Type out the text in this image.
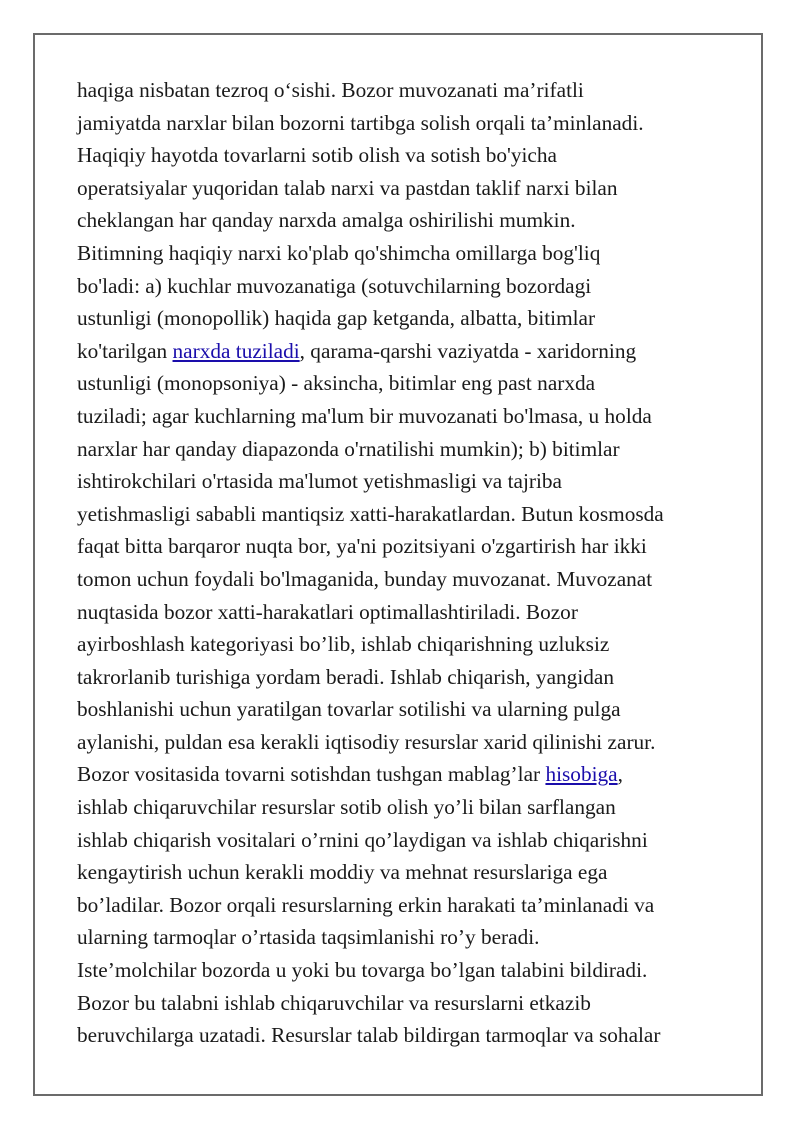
haqiga nisbatan tezroq o‘sishi. Bozor muvozanati ma’rifatli
jamiyatda narxlar bilan bozorni tartibga solish orqali ta’minlanadi.
Haqiqiy hayotda tovarlarni sotib olish va sotish bo'yicha
operatsiyalar yuqoridan talab narxi va pastdan taklif narxi bilan
cheklangan har qanday narxda amalga oshirilishi mumkin.
Bitimning haqiqiy narxi ko'plab qo'shimcha omillarga bog'liq
bo'ladi: a) kuchlar muvozanatiga (sotuvchilarning bozordagi
ustunligi (monopollik) haqida gap ketganda, albatta, bitimlar
ko'tarilgan narxda tuziladi, qarama-qarshi vaziyatda - xaridorning
ustunligi (monopsoniya) - aksincha, bitimlar eng past narxda
tuziladi; agar kuchlarning ma'lum bir muvozanati bo'lmasa, u holda
narxlar har qanday diapazonda o'rnatilishi mumkin); b) bitimlar
ishtirokchilari o'rtasida ma'lumot yetishmasligi va tajriba
yetishmasligi sababli mantiqsiz xatti-harakatlardan. Butun kosmosda
faqat bitta barqaror nuqta bor, ya'ni pozitsiyani o'zgartirish har ikki
tomon uchun foydali bo'lmaganida, bunday muvozanat. Muvozanat
nuqtasida bozor xatti-harakatlari optimallashtiriladi. Bozor
ayirboshlash kategoriyasi bo’lib, ishlab chiqarishning uzluksiz
takrorlanib turishiga yordam beradi. Ishlab chiqarish, yangidan
boshlanishi uchun yaratilgan tovarlar sotilishi va ularning pulga
aylanishi, puldan esa kerakli iqtisodiy resurslar xarid qilinishi zarur.
Bozor vositasida tovarni sotishdan tushgan mablag’lar hisobiga,
ishlab chiqaruvchilar resurslar sotib olish yo’li bilan sarflangan
ishlab chiqarish vositalari o’rnini qo’laydigan va ishlab chiqarishni
kengaytirish uchun kerakli moddiy va mehnat resurslariga ega
bo’ladilar. Bozor orqali resurslarning erkin harakati ta’minlanadi va
ularning tarmoqlar o’rtasida taqsimlanishi ro’y beradi.
Iste’molchilar bozorda u yoki bu tovarga bo’lgan talabini bildiradi.
Bozor bu talabni ishlab chiqaruvchilar va resurslarni etkazib
beruvchilarga uzatadi. Resurslar talab bildirgan tarmoqlar va sohalar
